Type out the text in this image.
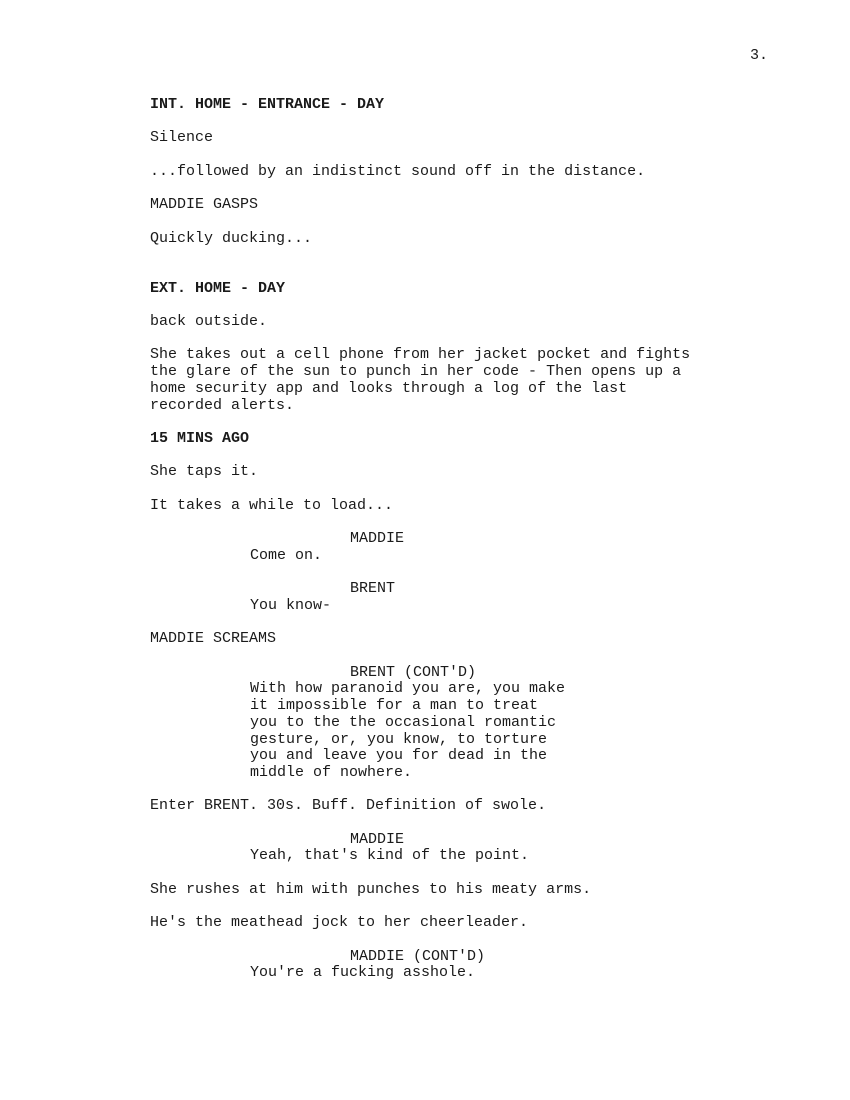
3.

INT. HOME - ENTRANCE - DAY

Silence

...followed by an indistinct sound off in the distance.

MADDIE GASPS

Quickly ducking...

EXT. HOME - DAY

back outside.

She takes out a cell phone from her jacket pocket and fights
the glare of the sun to punch in her code - Then opens up a
home security app and looks through a log of the last
recorded alerts.

15 MINS AGO

She taps it.

It takes a while to load...

MADDIE

Come on.

BRENT

You know-

MADDIE SCREAMS

BRENT (CONT'D)

With how paranoid you are, you make
it impossible for a man to treat
you to the the occasional romantic
gesture, or, you know, to torture
you and leave you for dead in the
middle of nowhere.

Enter BRENT. 30s. Buff. Definition of swole.

MADDIE

Yeah, that's kind of the point.

She rushes at him with punches to his meaty arms.

He's the meathead jock to her cheerleader.

MADDIE (CONT'D)

You're a fucking asshole.
